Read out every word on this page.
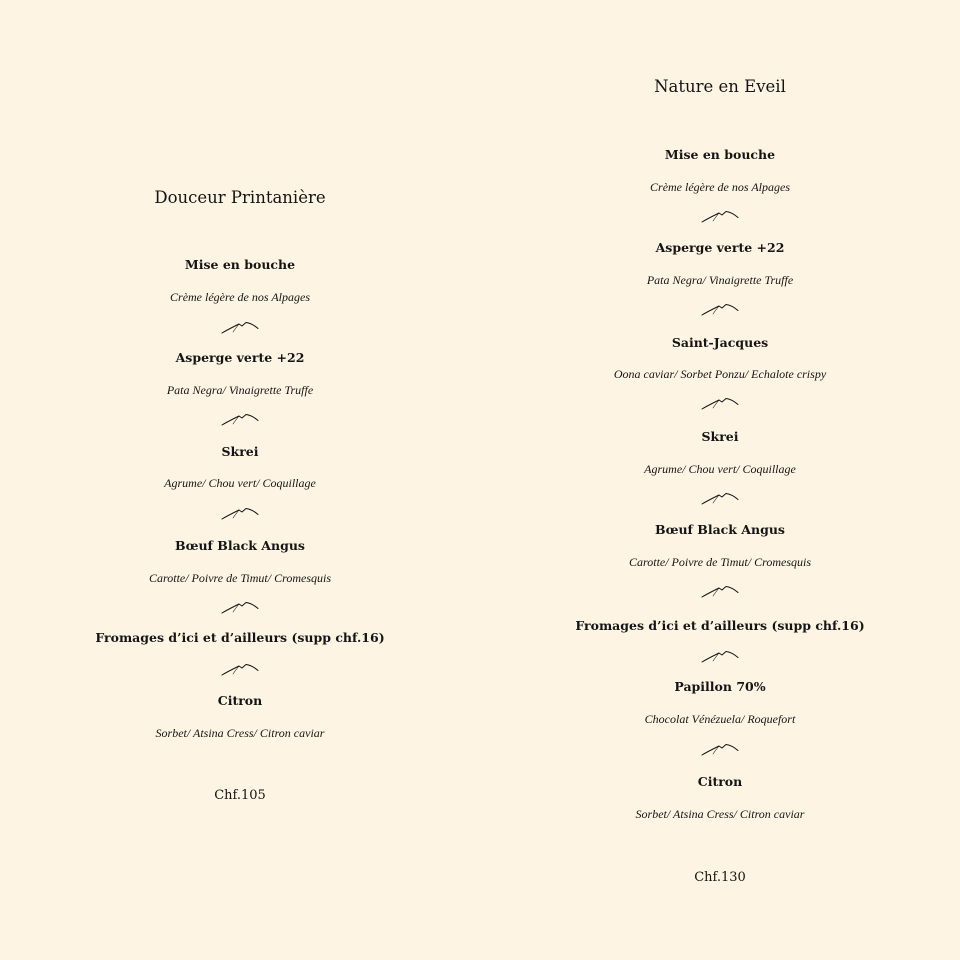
Douceur Printanière
Mise en bouche
Crème légère de nos Alpages
Asperge verte +22
Pata Negra/ Vinaigrette Truffe
Skrei
Agrume/ Chou vert/ Coquillage
Bœuf Black Angus
Carotte/ Poivre de Timut/ Cromesquis
Fromages d’ici et d’ailleurs (supp chf.16)
Citron
Sorbet/ Atsina Cress/ Citron caviar
Chf.105
Nature en Eveil
Mise en bouche
Crème légère de nos Alpages
Asperge verte +22
Pata Negra/ Vinaigrette Truffe
Saint-Jacques
Oona caviar/ Sorbet Ponzu/ Echalote crispy
Skrei
Agrume/ Chou vert/ Coquillage
Bœuf Black Angus
Carotte/ Poivre de Timut/ Cromesquis
Fromages d’ici et d’ailleurs (supp chf.16)
Papillon 70%
Chocolat Vénézuela/ Roquefort
Citron
Sorbet/ Atsina Cress/ Citron caviar
Chf.130
